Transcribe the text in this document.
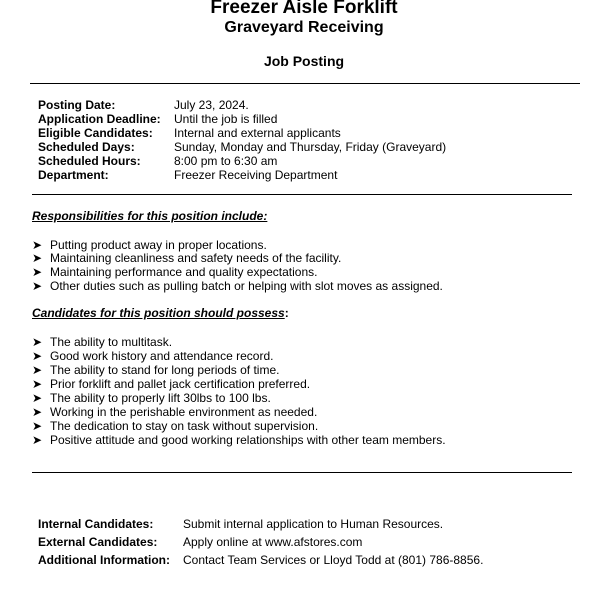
Freezer Aisle Forklift
Graveyard Receiving
Job Posting
Posting Date:	July 23, 2024.
Application Deadline: Until the job is filled
Eligible Candidates: Internal and external applicants
Scheduled Days:	Sunday, Monday and Thursday, Friday (Graveyard)
Scheduled Hours:	8:00 pm to 6:30 am
Department:	Freezer Receiving Department
Responsibilities for this position include:
➤ Putting product away in proper locations.
➤ Maintaining cleanliness and safety needs of the facility.
➤ Maintaining performance and quality expectations.
➤ Other duties such as pulling batch or helping with slot moves as assigned.
Candidates for this position should possess:
➤ The ability to multitask.
➤ Good work history and attendance record.
➤ The ability to stand for long periods of time.
➤ Prior forklift and pallet jack certification preferred.
➤ The ability to properly lift 30lbs to 100 lbs.
➤ Working in the perishable environment as needed.
➤ The dedication to stay on task without supervision.
➤ Positive attitude and good working relationships with other team members.
Internal Candidates: Submit internal application to Human Resources.
External Candidates: Apply online at www.afstores.com
Additional Information: Contact Team Services or Lloyd Todd at (801) 786-8856.
